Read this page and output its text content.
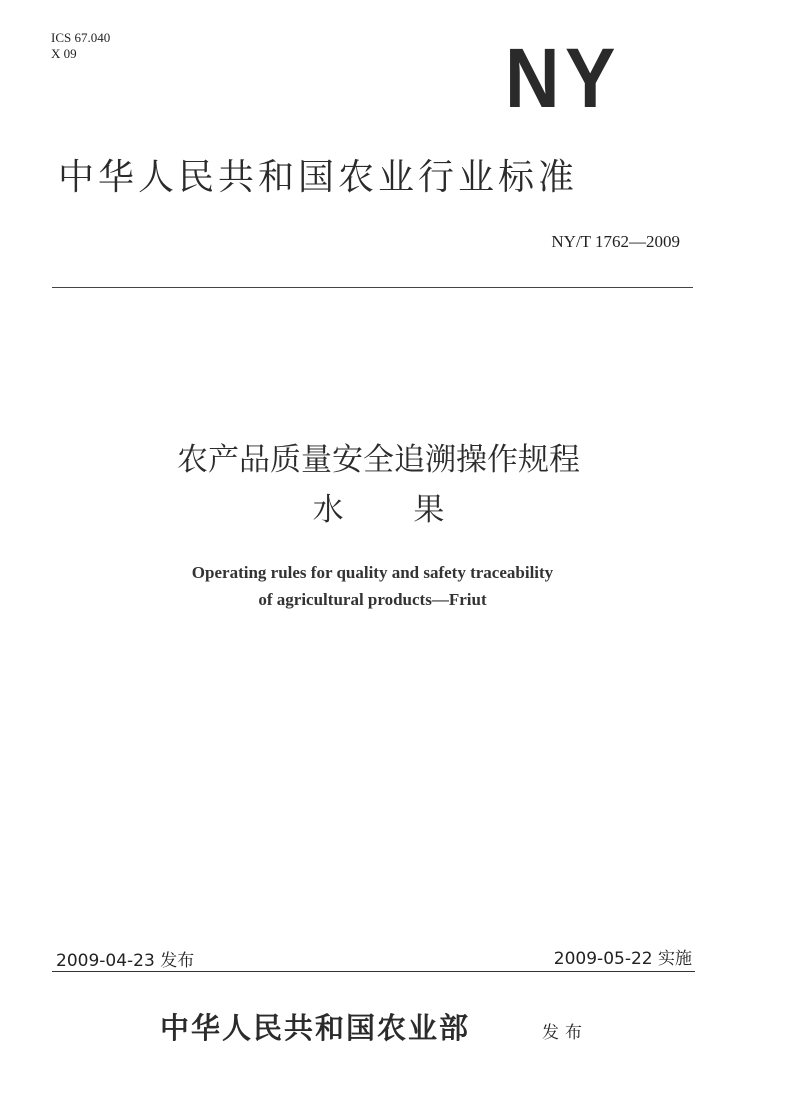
ICS 67.040
X 09	NY
中华人民共和国农业行业标准
NY/T 1762—2009
农产品质量安全追溯操作规程
水 果
Operating rules for quality and safety traceability
of agricultural products—Friut
2009-04-23 发布	2009-05-22 实施
中华人民共和国农业部	发布
